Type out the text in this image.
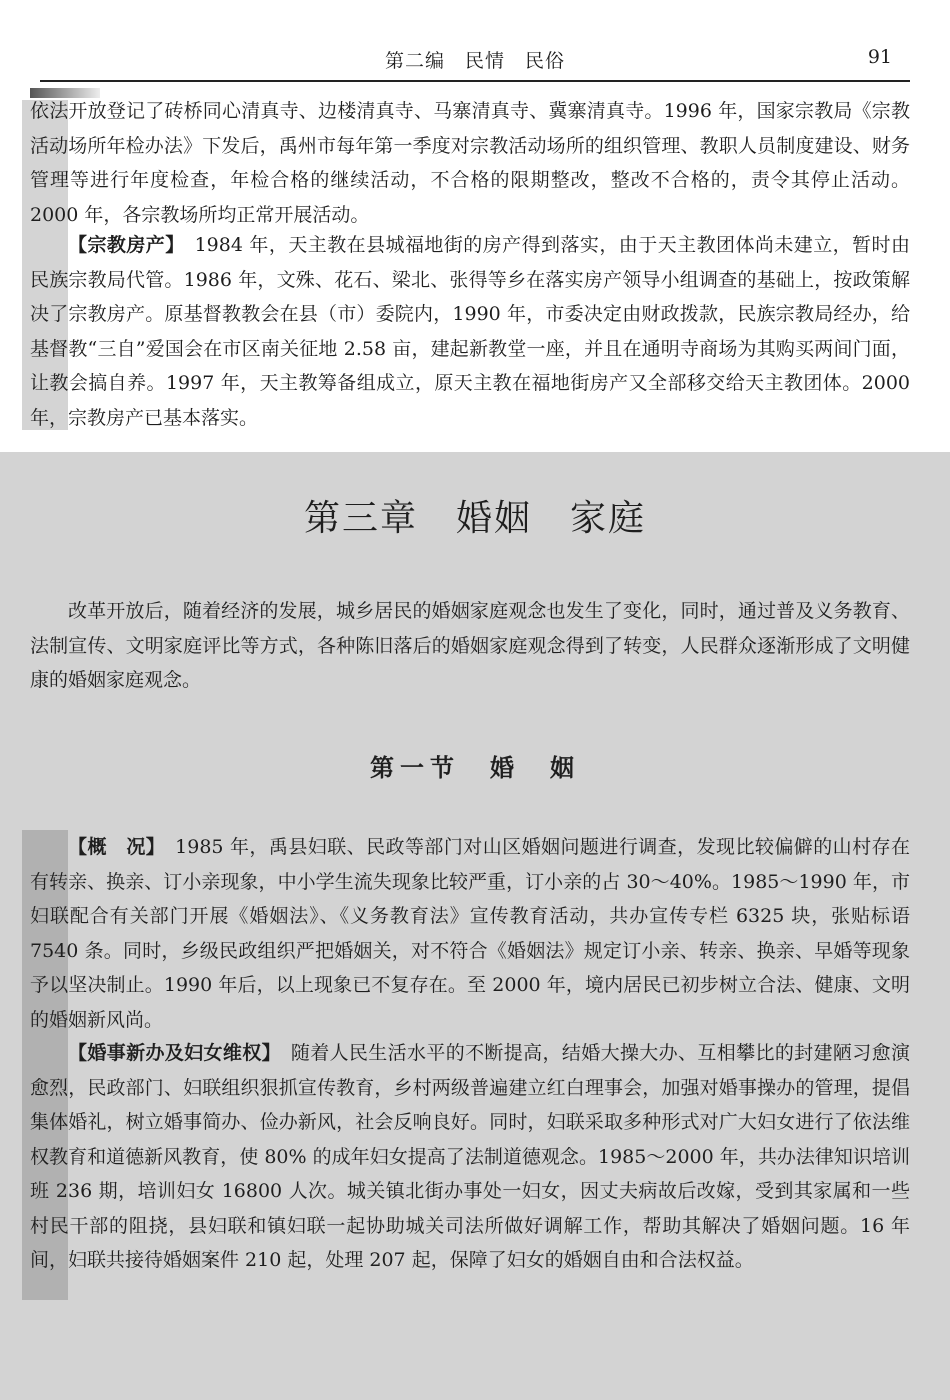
第二编　民情　民俗	91

依法开放登记了砖桥同心清真寺、边楼清真寺、马寨清真寺、冀寨清真寺。1996 年，国家宗教局《宗教活动场所年检办法》下发后，禹州市每年第一季度对宗教活动场所的组织管理、教职人员制度建设、财务管理等进行年度检查，年检合格的继续活动，不合格的限期整改，整改不合格的，责令其停止活动。2000 年，各宗教场所均正常开展活动。

【宗教房产】　1984 年，天主教在县城福地街的房产得到落实，由于天主教团体尚未建立，暂时由民族宗教局代管。1986 年，文殊、花石、梁北、张得等乡在落实房产领导小组调查的基础上，按政策解决了宗教房产。原基督教教会在县（市）委院内，1990 年，市委决定由财政拨款，民族宗教局经办，给基督教“三自”爱国会在市区南关征地 2.58 亩，建起新教堂一座，并且在通明寺商场为其购买两间门面，让教会搞自养。1997 年，天主教筹备组成立，原天主教在福地街房产又全部移交给天主教团体。2000 年，宗教房产已基本落实。

第三章　婚姻　家庭

改革开放后，随着经济的发展，城乡居民的婚姻家庭观念也发生了变化，同时，通过普及义务教育、法制宣传、文明家庭评比等方式，各种陈旧落后的婚姻家庭观念得到了转变，人民群众逐渐形成了文明健康的婚姻家庭观念。

第一节　婚　姻

【概　况】　1985 年，禹县妇联、民政等部门对山区婚姻问题进行调查，发现比较偏僻的山村存在有转亲、换亲、订小亲现象，中小学生流失现象比较严重，订小亲的占 30～40%。1985～1990 年，市妇联配合有关部门开展《婚姻法》、《义务教育法》宣传教育活动，共办宣传专栏 6325 块，张贴标语 7540 条。同时，乡级民政组织严把婚姻关，对不符合《婚姻法》规定订小亲、转亲、换亲、早婚等现象予以坚决制止。1990 年后，以上现象已不复存在。至 2000 年，境内居民已初步树立合法、健康、文明的婚姻新风尚。

【婚事新办及妇女维权】　随着人民生活水平的不断提高，结婚大操大办、互相攀比的封建陋习愈演愈烈，民政部门、妇联组织狠抓宣传教育，乡村两级普遍建立红白理事会，加强对婚事操办的管理，提倡集体婚礼，树立婚事简办、俭办新风，社会反响良好。同时，妇联采取多种形式对广大妇女进行了依法维权教育和道德新风教育，使 80% 的成年妇女提高了法制道德观念。1985～2000 年，共办法律知识培训班 236 期，培训妇女 16800 人次。城关镇北街办事处一妇女，因丈夫病故后改嫁，受到其家属和一些村民干部的阻挠，县妇联和镇妇联一起协助城关司法所做好调解工作，帮助其解决了婚姻问题。16 年间，妇联共接待婚姻案件 210 起，处理 207 起，保障了妇女的婚姻自由和合法权益。
